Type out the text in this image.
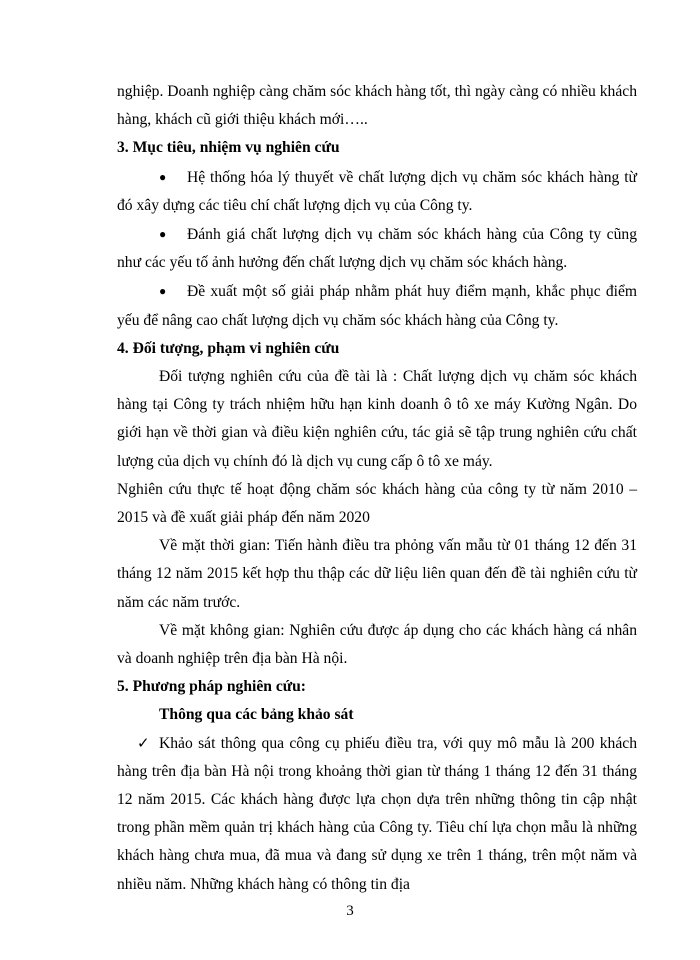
nghiệp. Doanh nghiệp càng chăm sóc khách hàng tốt, thì ngày càng có nhiều khách hàng, khách cũ giới thiệu khách mới…..

3. Mục tiêu, nhiệm vụ nghiên cứu

● Hệ thống hóa lý thuyết về chất lượng dịch vụ chăm sóc khách hàng từ đó xây dựng các tiêu chí chất lượng dịch vụ của Công ty.

● Đánh giá chất lượng dịch vụ chăm sóc khách hàng của Công ty cũng như các yếu tố ảnh hưởng đến chất lượng dịch vụ chăm sóc khách hàng.

● Đề xuất một số giải pháp nhằm phát huy điểm mạnh, khắc phục điểm yếu để nâng cao chất lượng dịch vụ chăm sóc khách hàng của Công ty.

4. Đối tượng, phạm vi nghiên cứu

Đối tượng nghiên cứu của đề tài là : Chất lượng dịch vụ chăm sóc khách hàng tại Công ty trách nhiệm hữu hạn kinh doanh ô tô xe máy Kường Ngân. Do giới hạn về thời gian và điều kiện nghiên cứu, tác giả sẽ tập trung nghiên cứu chất lượng của dịch vụ chính đó là dịch vụ cung cấp ô tô xe máy.

Nghiên cứu thực tế hoạt động chăm sóc khách hàng của công ty từ năm 2010 – 2015 và đề xuất giải pháp đến năm 2020

Về mặt thời gian: Tiến hành điều tra phỏng vấn mẫu từ 01 tháng 12 đến 31 tháng 12 năm 2015 kết hợp thu thập các dữ liệu liên quan đến đề tài nghiên cứu từ năm các năm trước.

Về mặt không gian: Nghiên cứu được áp dụng cho các khách hàng cá nhân và doanh nghiệp trên địa bàn Hà nội.

5. Phương pháp nghiên cứu:

Thông qua các bảng khảo sát

✓ Khảo sát thông qua công cụ phiếu điều tra, với quy mô mẫu là 200 khách hàng trên địa bàn Hà nội trong khoảng thời gian từ tháng 1 tháng 12 đến 31 tháng 12 năm 2015. Các khách hàng được lựa chọn dựa trên những thông tin cập nhật trong phần mềm quản trị khách hàng của Công ty. Tiêu chí lựa chọn mẫu là những khách hàng chưa mua, đã mua và đang sử dụng xe trên 1 tháng, trên một năm và nhiều năm. Những khách hàng có thông tin địa

3
